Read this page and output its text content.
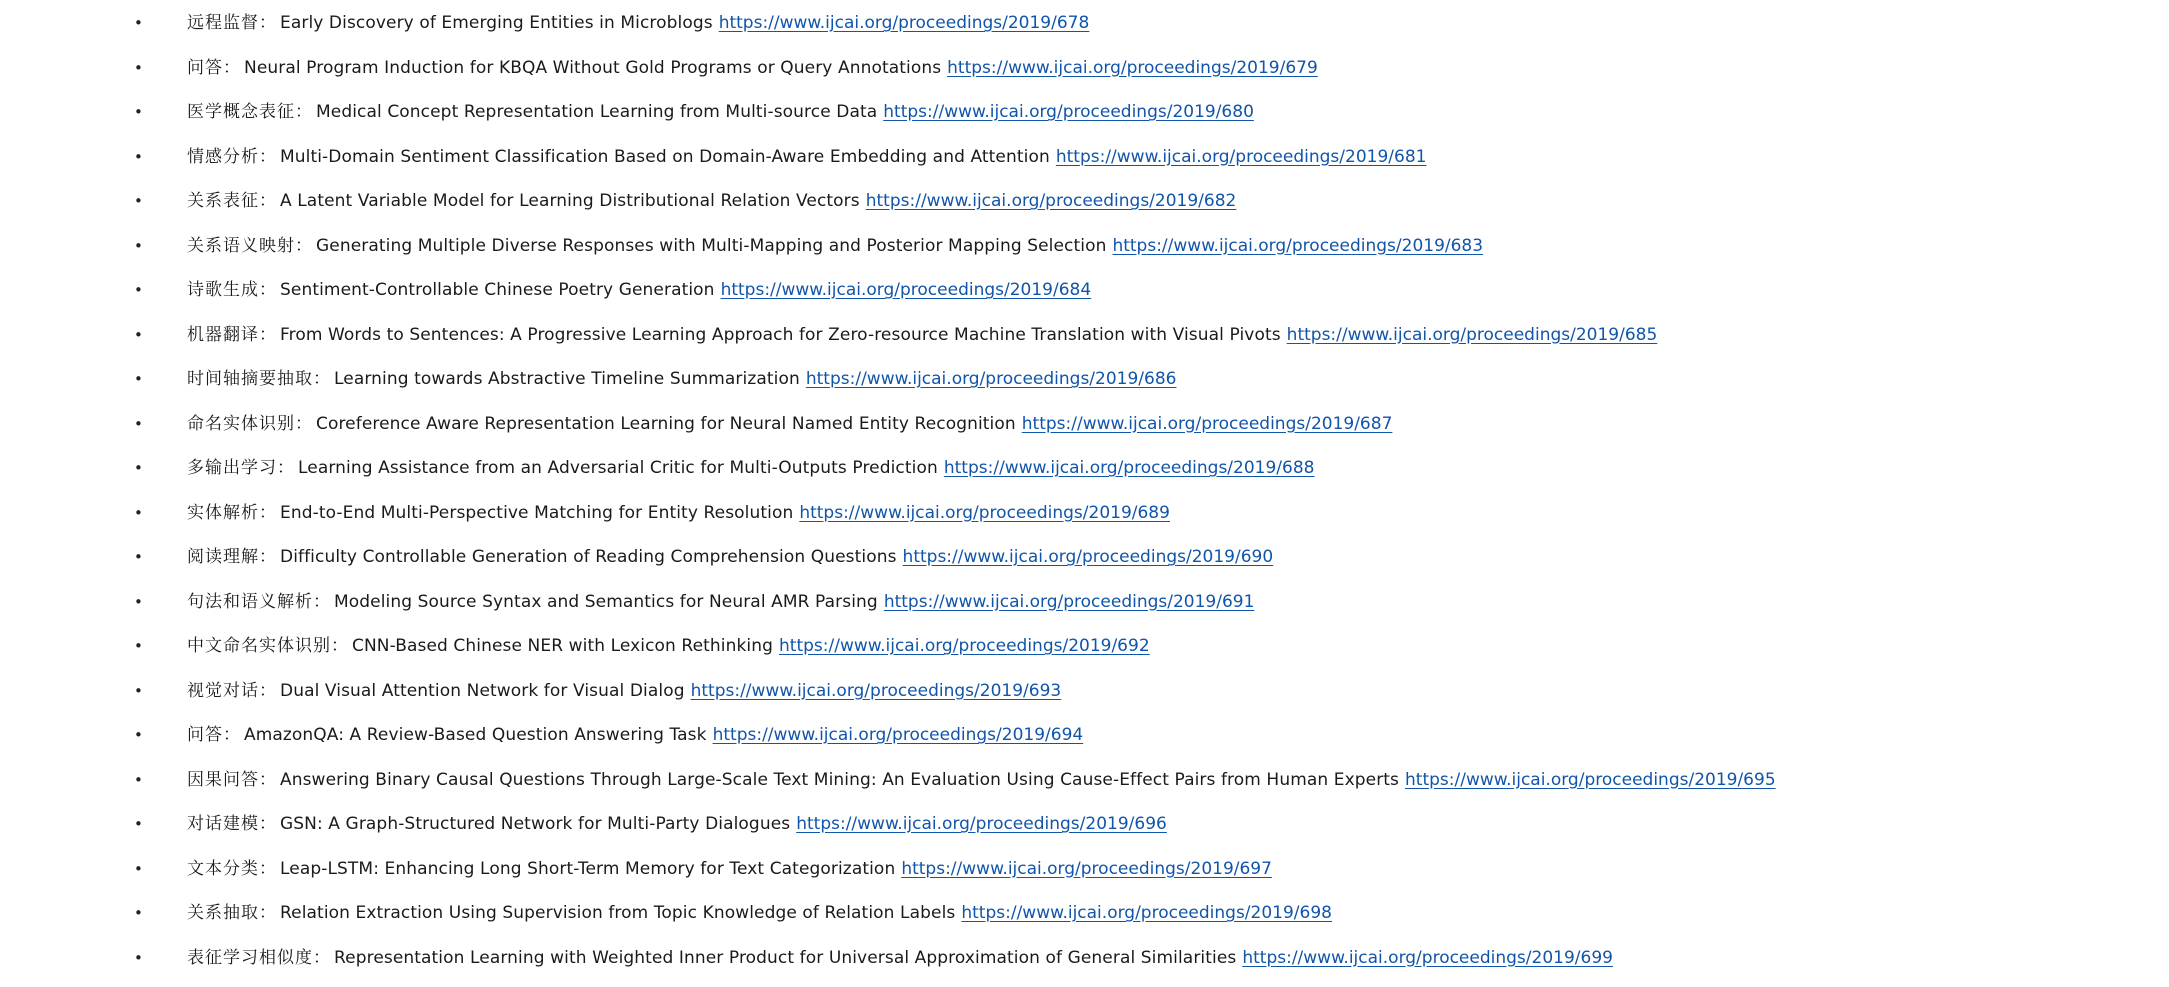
•	远程监督： Early Discovery of Emerging Entities in Microblogs https://www.ijcai.org/proceedings/2019/678
•	问答： Neural Program Induction for KBQA Without Gold Programs or Query Annotations https://www.ijcai.org/proceedings/2019/679
•	医学概念表征： Medical Concept Representation Learning from Multi-source Data https://www.ijcai.org/proceedings/2019/680
•	情感分析： Multi-Domain Sentiment Classification Based on Domain-Aware Embedding and Attention https://www.ijcai.org/proceedings/2019/681
•	关系表征： A Latent Variable Model for Learning Distributional Relation Vectors https://www.ijcai.org/proceedings/2019/682
•	关系语义映射： Generating Multiple Diverse Responses with Multi-Mapping and Posterior Mapping Selection https://www.ijcai.org/proceedings/2019/683
•	诗歌生成： Sentiment-Controllable Chinese Poetry Generation https://www.ijcai.org/proceedings/2019/684
•	机器翻译： From Words to Sentences: A Progressive Learning Approach for Zero-resource Machine Translation with Visual Pivots https://www.ijcai.org/proceedings/2019/685
•	时间轴摘要抽取： Learning towards Abstractive Timeline Summarization https://www.ijcai.org/proceedings/2019/686
•	命名实体识别： Coreference Aware Representation Learning for Neural Named Entity Recognition https://www.ijcai.org/proceedings/2019/687
•	多输出学习： Learning Assistance from an Adversarial Critic for Multi-Outputs Prediction https://www.ijcai.org/proceedings/2019/688
•	实体解析： End-to-End Multi-Perspective Matching for Entity Resolution https://www.ijcai.org/proceedings/2019/689
•	阅读理解： Difficulty Controllable Generation of Reading Comprehension Questions https://www.ijcai.org/proceedings/2019/690
•	句法和语义解析： Modeling Source Syntax and Semantics for Neural AMR Parsing https://www.ijcai.org/proceedings/2019/691
•	中文命名实体识别： CNN-Based Chinese NER with Lexicon Rethinking https://www.ijcai.org/proceedings/2019/692
•	视觉对话： Dual Visual Attention Network for Visual Dialog https://www.ijcai.org/proceedings/2019/693
•	问答： AmazonQA: A Review-Based Question Answering Task https://www.ijcai.org/proceedings/2019/694
•	因果问答： Answering Binary Causal Questions Through Large-Scale Text Mining: An Evaluation Using Cause-Effect Pairs from Human Experts https://www.ijcai.org/proceedings/2019/695
•	对话建模： GSN: A Graph-Structured Network for Multi-Party Dialogues https://www.ijcai.org/proceedings/2019/696
•	文本分类： Leap-LSTM: Enhancing Long Short-Term Memory for Text Categorization https://www.ijcai.org/proceedings/2019/697
•	关系抽取： Relation Extraction Using Supervision from Topic Knowledge of Relation Labels https://www.ijcai.org/proceedings/2019/698
•	表征学习相似度： Representation Learning with Weighted Inner Product for Universal Approximation of General Similarities https://www.ijcai.org/proceedings/2019/699
